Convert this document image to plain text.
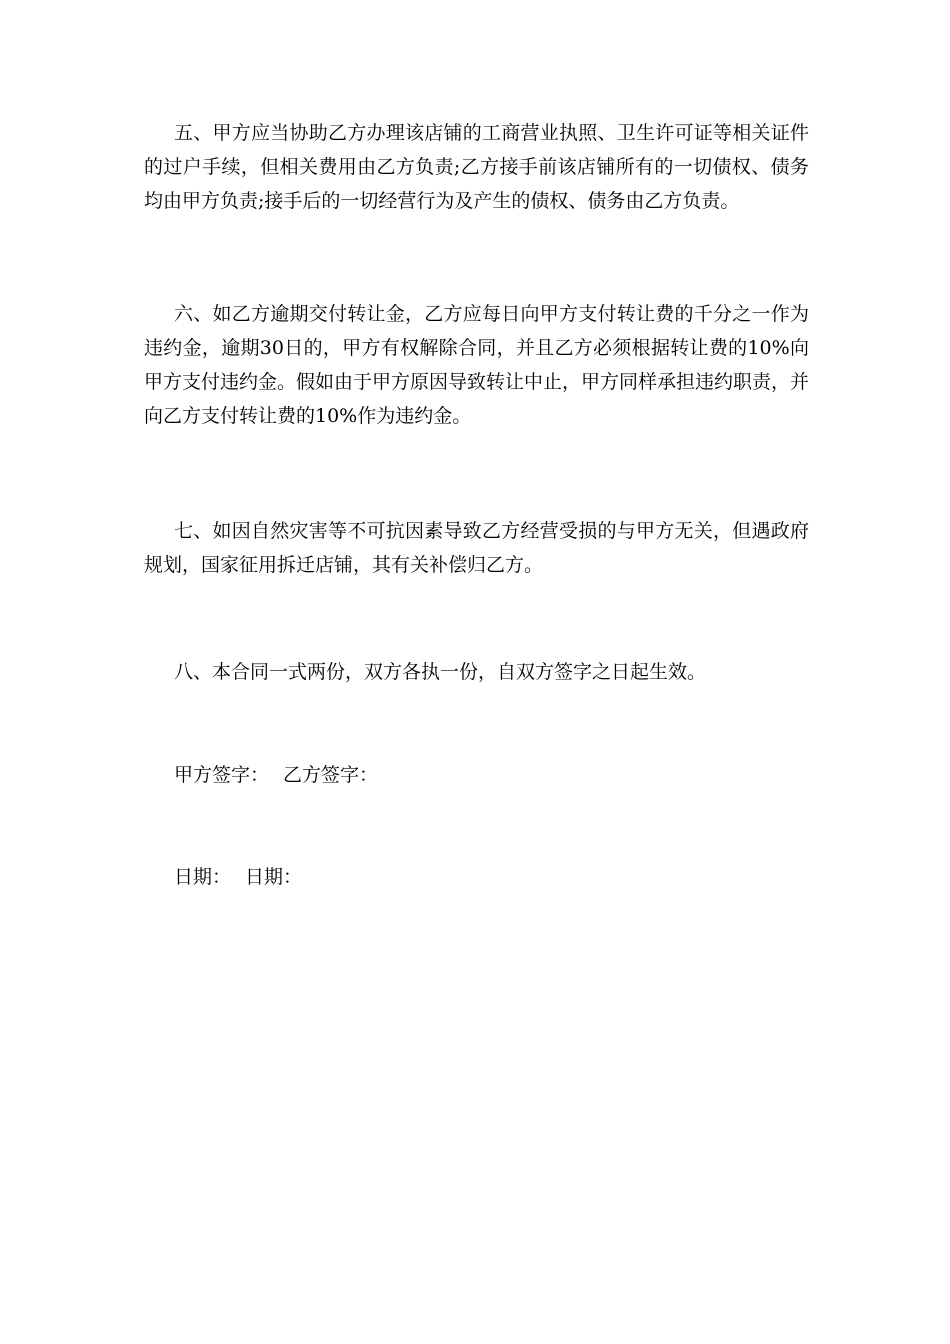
五、甲方应当协助乙方办理该店铺的工商营业执照、卫生许可证等相关证件的过户手续，但相关费用由乙方负责;乙方接手前该店铺所有的一切债权、债务均由甲方负责;接手后的一切经营行为及产生的债权、债务由乙方负责。

六、如乙方逾期交付转让金，乙方应每日向甲方支付转让费的千分之一作为违约金，逾期30日的，甲方有权解除合同，并且乙方必须根据转让费的10%向甲方支付违约金。假如由于甲方原因导致转让中止，甲方同样承担违约职责，并向乙方支付转让费的10%作为违约金。

七、如因自然灾害等不可抗因素导致乙方经营受损的与甲方无关，但遇政府规划，国家征用拆迁店铺，其有关补偿归乙方。

八、本合同一式两份，双方各执一份，自双方签字之日起生效。

甲方签字： 乙方签字：
日期： 日期：
